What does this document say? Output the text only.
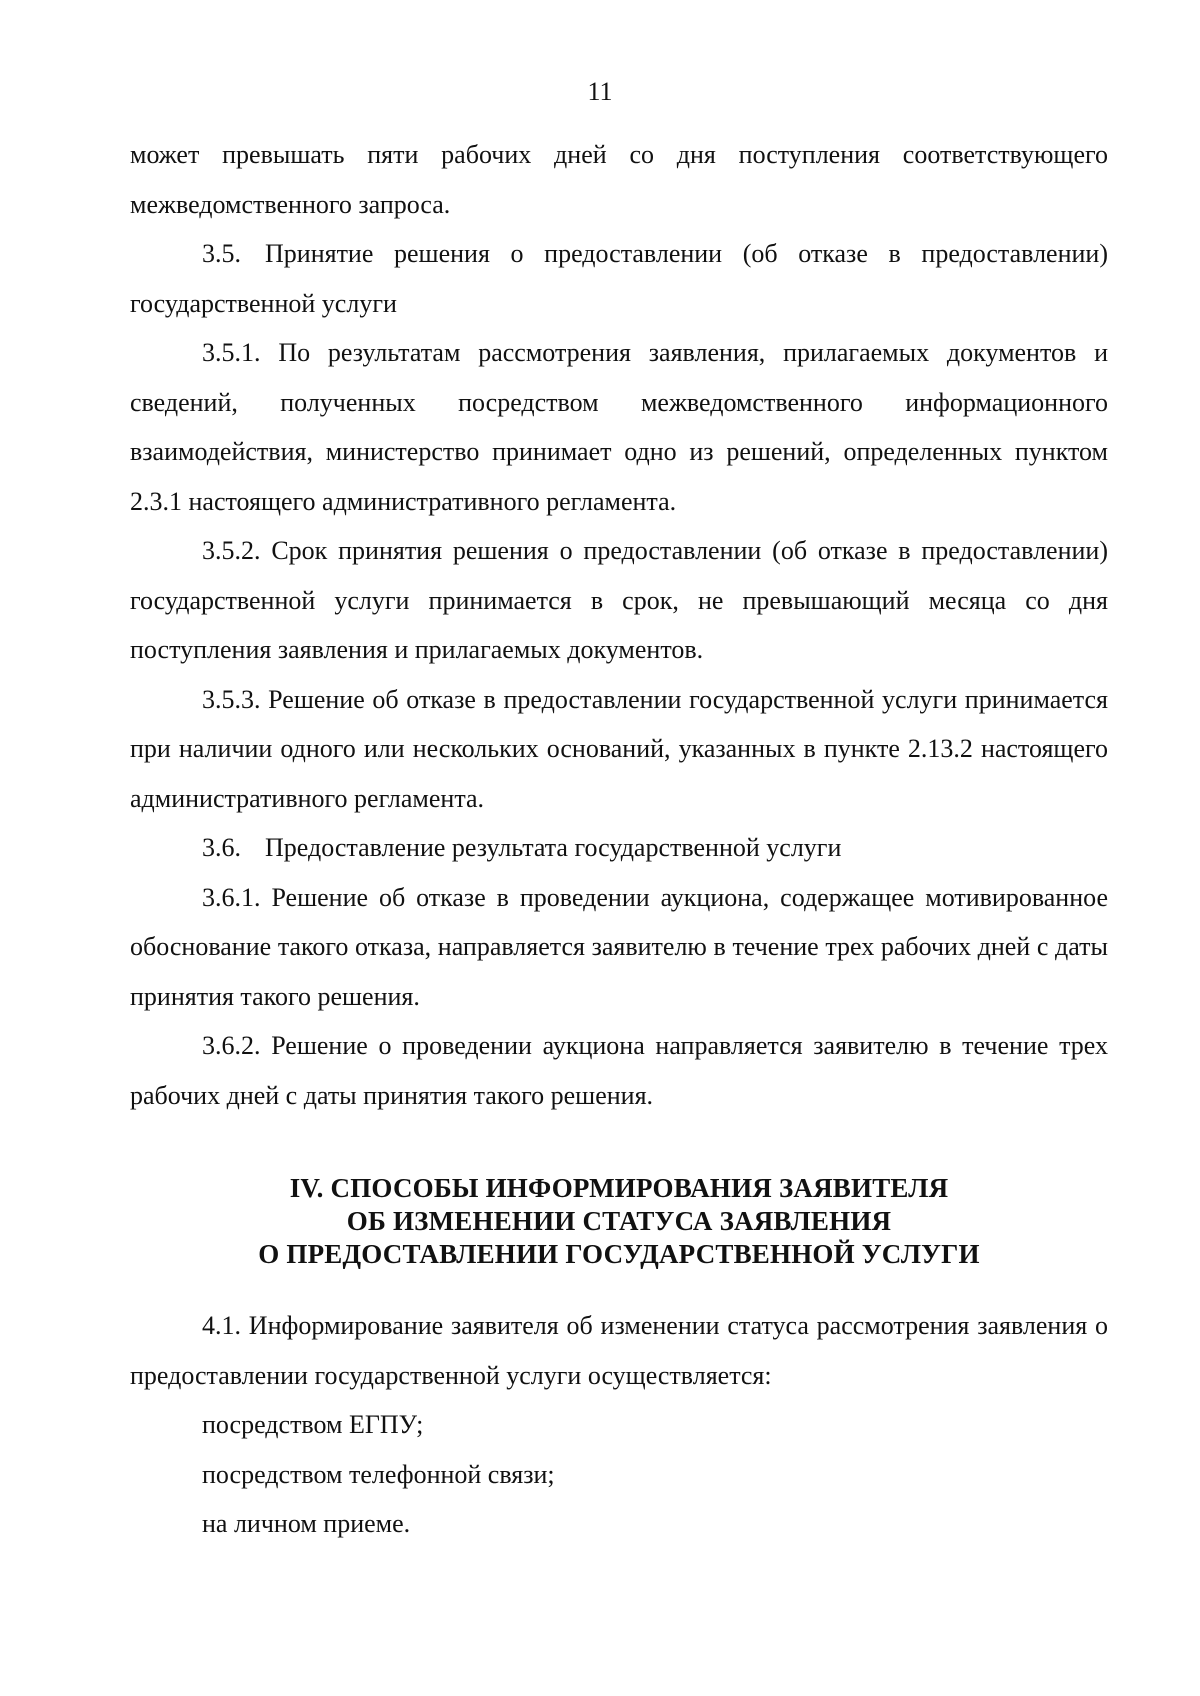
11

может превышать пяти рабочих дней со дня поступления соответствующего межведомственного запроса.

3.5. Принятие решения о предоставлении (об отказе в предоставлении) государственной услуги

3.5.1. По результатам рассмотрения заявления, прилагаемых документов и сведений, полученных посредством межведомственного информационного взаимодействия, министерство принимает одно из решений, определенных пунктом 2.3.1 настоящего административного регламента.

3.5.2. Срок принятия решения о предоставлении (об отказе в предоставлении) государственной услуги принимается в срок, не превышающий месяца со дня поступления заявления и прилагаемых документов.

3.5.3. Решение об отказе в предоставлении государственной услуги принимается при наличии одного или нескольких оснований, указанных в пункте 2.13.2 настоящего административного регламента.

3.6. Предоставление результата государственной услуги

3.6.1. Решение об отказе в проведении аукциона, содержащее мотивированное обоснование такого отказа, направляется заявителю в течение трех рабочих дней с даты принятия такого решения.

3.6.2. Решение о проведении аукциона направляется заявителю в течение трех рабочих дней с даты принятия такого решения.

IV. СПОСОБЫ ИНФОРМИРОВАНИЯ ЗАЯВИТЕЛЯ
ОБ ИЗМЕНЕНИИ СТАТУСА ЗАЯВЛЕНИЯ
О ПРЕДОСТАВЛЕНИИ ГОСУДАРСТВЕННОЙ УСЛУГИ

4.1. Информирование заявителя об изменении статуса рассмотрения заявления о предоставлении государственной услуги осуществляется:

посредством ЕГПУ;

посредством телефонной связи;

на личном приеме.
